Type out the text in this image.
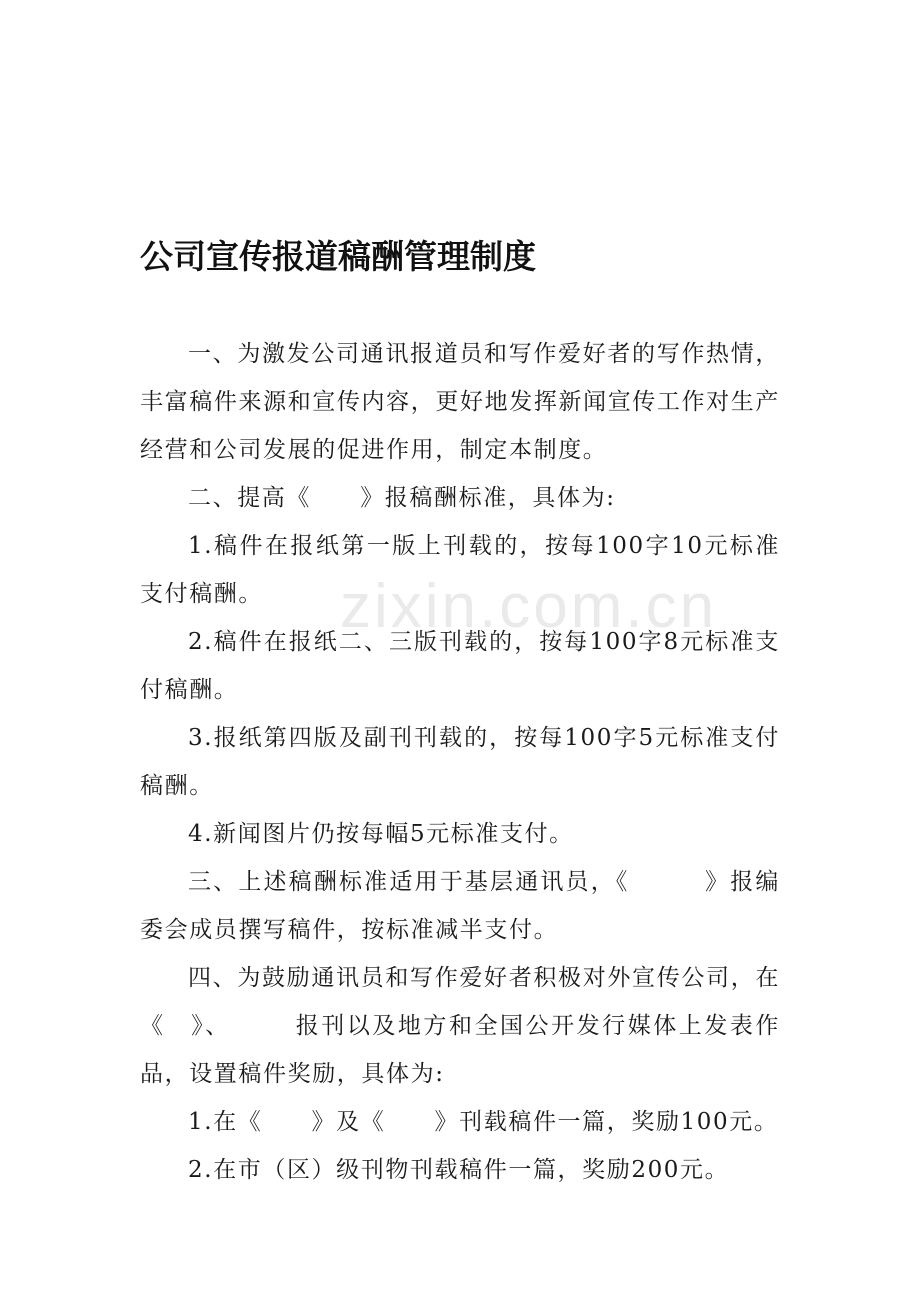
公司宣传报道稿酬管理制度

一、为激发公司通讯报道员和写作爱好者的写作热情，丰富稿件来源和宣传内容，更好地发挥新闻宣传工作对生产经营和公司发展的促进作用，制定本制度。

二、提高《　　》报稿酬标准，具体为:

1.稿件在报纸第一版上刊载的，按每100字10元标准支付稿酬。

2.稿件在报纸二、三版刊载的，按每100字8元标准支付稿酬。

3.报纸第四版及副刊刊载的，按每100字5元标准支付稿酬。

4.新闻图片仍按每幅5元标准支付。

三、上述稿酬标准适用于基层通讯员，《　　　》报编委会成员撰写稿件，按标准减半支付。

四、为鼓励通讯员和写作爱好者积极对外宣传公司，在《　》、　　　报刊以及地方和全国公开发行媒体上发表作品，设置稿件奖励，具体为:

1.在《　　》及《　　》刊载稿件一篇，奖励100元。

2.在市（区）级刊物刊载稿件一篇，奖励200元。

zixin.com.cn
